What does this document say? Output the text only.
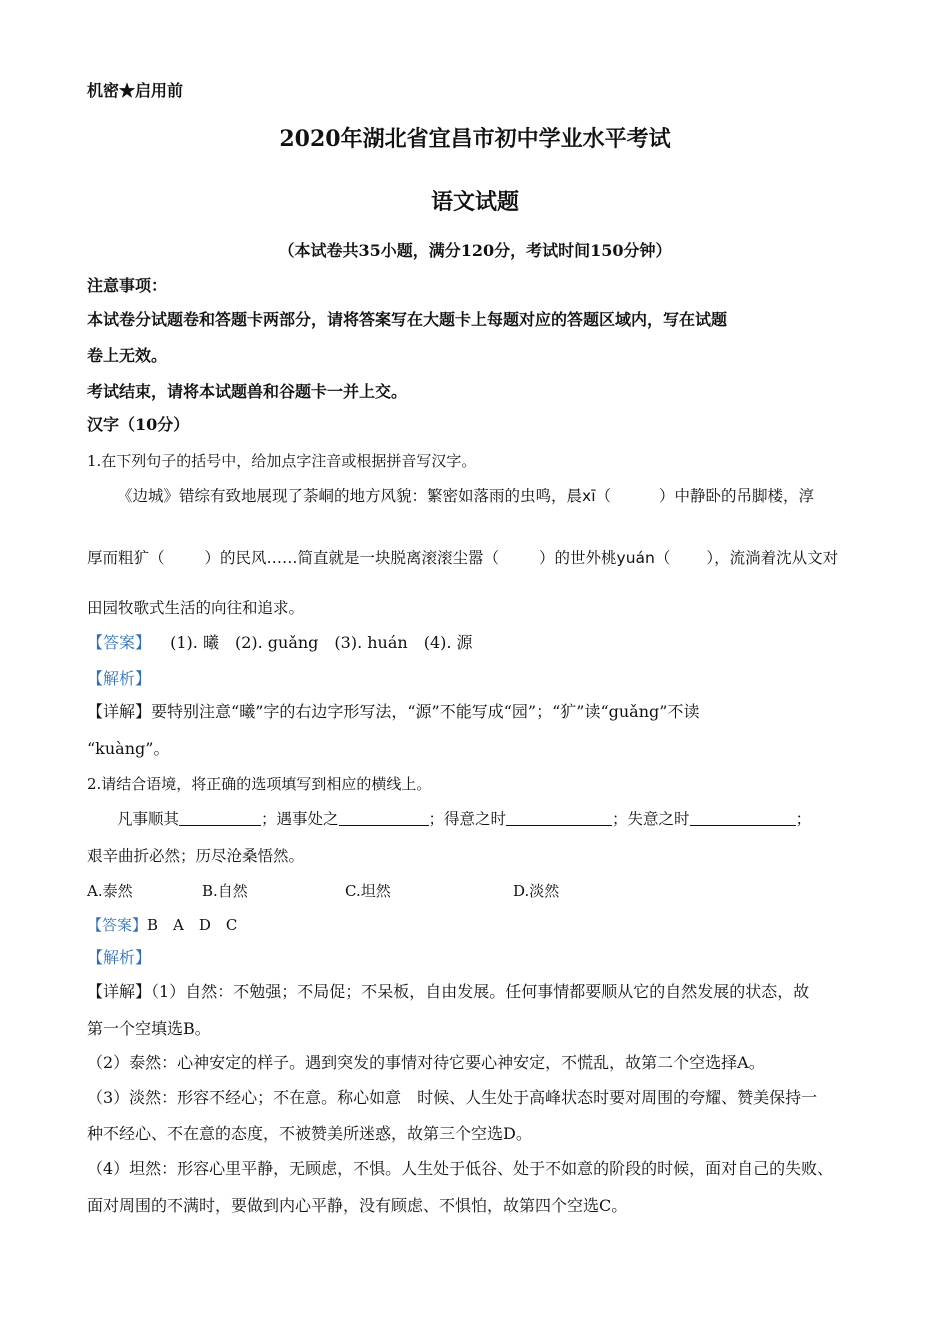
机密★启用前
2020年湖北省宜昌市初中学业水平考试
语文试题
（本试卷共35小题，满分120分，考试时间150分钟）
注意事项：
本试卷分试题卷和答题卡两部分，请将答案写在大题卡上每题对应的答题区域内，写在试题
卷上无效。
考试结束，请将本试题兽和谷题卡一并上交。
汉字（10分）
1.在下列句子的括号中，给加点字注音或根据拼音写汉字。
《边城》错综有致地展现了荼峒的地方风貌：繁密如落雨的虫鸣，晨xī（	）中静卧的吊脚楼，淳
厚而粗犷（	）的民风……简直就是一块脱离滚滚尘嚣（	）的世外桃yuán（ ），流淌着沈从文对
田园牧歌式生活的向往和追求。
【答案】 (1). 曦　(2). guǎng　(3). huán　(4). 源
【解析】
【详解】要特别注意“曦”字的右边字形写法，“源”不能写成“园”；“犷”读“guǎng”不读
“kuàng”。
2.请结合语境，将正确的选项填写到相应的横线上。
凡事顺其	；遇事处之	；得意之时	；失意之时	；
艰辛曲折必然；历尽沧桑悟然。
A.泰然	B.自然	C.坦然	D.淡然
【答案】B　A　D　C
【解析】
【详解】（1）自然：不勉强；不局促；不呆板，自由发展。任何事情都要顺从它的自然发展的状态，故
第一个空填选B。
（2）泰然：心神安定的样子。遇到突发的事情对待它要心神安定，不慌乱，故第二个空选择A。
（3）淡然：形容不经心；不在意。称心如意　时候、人生处于高峰状态时要对周围的夸耀、赞美保持一
种不经心、不在意的态度，不被赞美所迷惑，故第三个空选D。
（4）坦然：形容心里平静，无顾虑，不惧。人生处于低谷、处于不如意的阶段的时候，面对自己的失败、
面对周围的不满时，要做到内心平静，没有顾虑、不惧怕，故第四个空选C。
